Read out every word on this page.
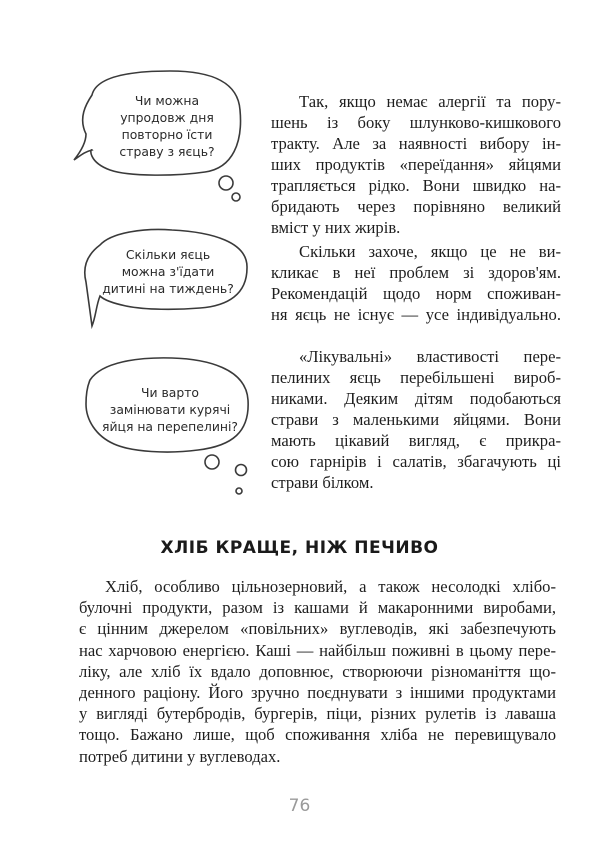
Чи можна
упродовж дня
повторно їсти
страву з яєць?
Скільки яєць
можна з'їдати
дитині на тиждень?
Чи варто
замінювати курячі
яйця на перепелині?
Так, якщо немає алергії та пору-
шень із боку шлунково-кишкового
тракту. Але за наявності вибору ін-
ших продуктів «переїдання» яйцями
трапляється рідко. Вони швидко на-
бридають через порівняно великий
вміст у них жирів.
Скільки захоче, якщо це не ви-
кликає в неї проблем зі здоров'ям.
Рекомендацій щодо норм споживан-
ня яєць не існує — усе індивідуально.
«Лікувальні» властивості пере-
пелиних яєць перебільшені вироб-
никами. Деяким дітям подобаються
страви з маленькими яйцями. Вони
мають цікавий вигляд, є прикра-
сою гарнірів і салатів, збагачують ці
страви білком.
ХЛІБ КРАЩЕ, НІЖ ПЕЧИВО
Хліб, особливо цільнозерновий, а також несолодкі хлібо-
булочні продукти, разом із кашами й макаронними виробами,
є цінним джерелом «повільних» вуглеводів, які забезпечують
нас харчовою енергією. Каші — найбільш поживні в цьому пере-
ліку, але хліб їх вдало доповнює, створюючи різноманіття що-
денного раціону. Його зручно поєднувати з іншими продуктами
у вигляді бутербродів, бургерів, піци, різних рулетів із лаваша
тощо. Бажано лише, щоб споживання хліба не перевищувало
потреб дитини у вуглеводах.

76
